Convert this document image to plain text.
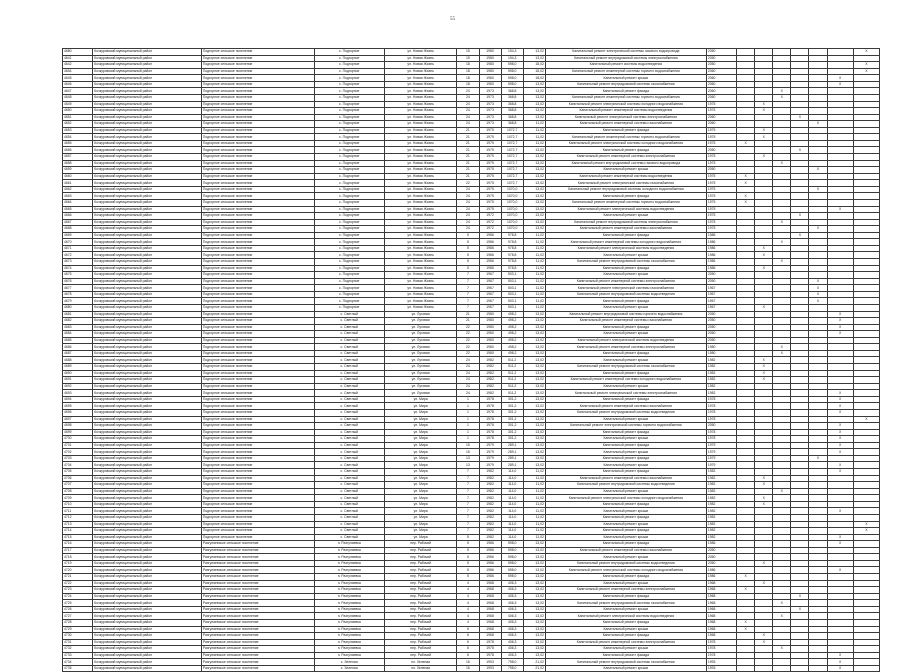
55
4680	Кочкуровский муниципальный район	Подгорное сельское поселение	с. Подгорное	ул. Новая Жизнь	15	1980	194,3	13,02	Капитальный ремонт электрической системы газового водопровода	2050							X
4641	Кочкуровский муниципальный район	Подгорное сельское поселение	с. Подгорное	ул. Новая Жизнь	15	1980	194,3	13,02	Капитальный ремонт внутридомовой системы электроснабжения	2050							
4642	Кочкуровский муниципальный район	Подгорное сельское поселение	с. Подгорное	ул. Новая Жизнь	18	1980	598,0	18,02	Капитальный ремонт системы водоотведения	2050							X
4654	Кочкуровский муниципальный район	Подгорное сельское поселение	с. Подгорное	ул. Новая Жизнь	18	1980	598,0	18,02	Капитальный ремонт инженерной системы горячего водоснабжения	2060							X
4645	Кочкуровский муниципальный район	Подгорное сельское поселение	с. Подгорное	ул. Новая Жизнь	18	1980	598,0	18,02	Капитальный ремонт крыши	2060						X	
4646	Кочкуровский муниципальный район	Подгорное сельское поселение	с. Подгорное	ул. Новая Жизнь	18	1980	598,0	13,02	Капитальный ремонт внутридомовой системы газоснабжения	2060						X	
4647	Кочкуровский муниципальный район	Подгорное сельское поселение	с. Подгорное	ул. Новая Жизнь	24	1973	368,8	13,02	Капитальный ремонт фасада	2060			X				
4648	Кочкуровский муниципальный район	Подгорное сельское поселение	с. Подгорное	ул. Новая Жизнь	24	1973	368,8	13,02	Капитальный ремонт инженерной системы горячего водоснабжения	2060			X				
4649	Кочкуровский муниципальный район	Подгорное сельское поселение	с. Подгорное	ул. Новая Жизнь	24	1973	368,8	13,02	Капитальный ремонт электрической системы холодного водоснабжения	1975		X					
4650	Кочкуровский муниципальный район	Подгорное сельское поселение	с. Подгорное	ул. Новая Жизнь	24	1973	368,8	13,02	Капитальный ремонт инженерной системы водоотведения	1975		X					
4651	Кочкуровский муниципальный район	Подгорное сельское поселение	с. Подгорное	ул. Новая Жизнь	24	1973	368,8	13,02	Капитальный ремонт электрической системы электроснабжения	2060				X			
4652	Кочкуровский муниципальный район	Подгорное сельское поселение	с. Подгорное	ул. Новая Жизнь	24	1973	368,8	11,02	Капитальный ремонт инженерной системы газоснабжения	2060					X		
4653	Кочкуровский муниципальный район	Подгорное сельское поселение	с. Подгорное	ул. Новая Жизнь	21	1975	1072,7	11,02	Капитальный ремонт фасада	1975		X					
4654	Кочкуровский муниципальный район	Подгорное сельское поселение	с. Подгорное	ул. Новая Жизнь	21	1975	1072,7	11,02	Капитальный ремонт инженерной системы горячего водоснабжения	1975		X					
4655	Кочкуровский муниципальный район	Подгорное сельское поселение	с. Подгорное	ул. Новая Жизнь	21	1975	1072,7	11,02	Капитальный ремонт электрической системы холодного водоснабжения	1975	X						
4656	Кочкуровский муниципальный район	Подгорное сельское поселение	с. Подгорное	ул. Новая Жизнь	21	1975	1072,7	13,02	Капитальный ремонт фасада	2050				X			
4657	Кочкуровский муниципальный район	Подгорное сельское поселение	с. Подгорное	ул. Новая Жизнь	21	1975	1072,7	13,02	Капитальный ремонт инженерной системы электроснабжения	1975		X					
4658	Кочкуровский муниципальный район	Подгорное сельское поселение	с. Подгорное	ул. Новая Жизнь	21	1975	1072,7	13,02	Капитальный ремонт внутридомовой системы газового водопровода	1975			X				
4659	Кочкуровский муниципальный район	Подгорное сельское поселение	с. Подгорное	ул. Новая Жизнь	21	1975	1072,7	13,02	Капитальный ремонт крыши	2050					X		
4660	Кочкуровский муниципальный район	Подгорное сельское поселение	с. Подгорное	ул. Новая Жизнь	21	1975	1072,7	13,02	Капитальный ремонт инженерной системы водоотведения	1975	X						
4661	Кочкуровский муниципальный район	Подгорное сельское поселение	с. Подгорное	ул. Новая Жизнь	22	1975	1072,7	13,02	Капитальный ремонт электрической системы газоснабжения	1975	X						
4662	Кочкуровский муниципальный район	Подгорное сельское поселение	с. Подгорное	ул. Новая Жизнь	24	1975	1070,0	13,02	Капитальный ремонт внутридомовой системы холодного водоснабжения	1975					X		
4663	Кочкуровский муниципальный район	Подгорное сельское поселение	с. Подгорное	ул. Новая Жизнь	24	1975	1070,0	13,02	Капитальный ремонт фасада	1975	X						
4664	Кочкуровский муниципальный район	Подгорное сельское поселение	с. Подгорное	ул. Новая Жизнь	24	1975	1070,0	13,02	Капитальный ремонт инженерной системы горячего водоснабжения	1975	X						
4665	Кочкуровский муниципальный район	Подгорное сельское поселение	с. Подгорное	ул. Новая Жизнь	24	1975	1070,0	13,02	Капитальный ремонт электрической системы водоотведения	1975						X	
4666	Кочкуровский муниципальный район	Подгорное сельское поселение	с. Подгорное	ул. Новая Жизнь	24	1972	1070,0	13,02	Капитальный ремонт крыши	1975				X			
4667	Кочкуровский муниципальный район	Подгорное сельское поселение	с. Подгорное	ул. Новая Жизнь	24	1972	1070,0	13,02	Капитальный ремонт внутридомовой системы электроснабжения	1975			X				
4668	Кочкуровский муниципальный район	Подгорное сельское поселение	с. Подгорное	ул. Новая Жизнь	24	1972	1070,0	13,02	Капитальный ремонт инженерной системы газоснабжения	1975					X		
4669	Кочкуровский муниципальный район	Подгорное сельское поселение	с. Подгорное	ул. Новая Жизнь	5	1986	978,8	11,02	Капитальный ремонт фасада	1986				X			
4670	Кочкуровский муниципальный район	Подгорное сельское поселение	с. Подгорное	ул. Новая Жизнь	5	1986	978,8	11,02	Капитальный ремонт инженерной системы холодного водоснабжения	1986			X				
4671	Кочкуровский муниципальный район	Подгорное сельское поселение	с. Подгорное	ул. Новая Жизнь	5	1986	978,8	11,02	Капитальный ремонт электрической системы водоотведения	1986		X					
4672	Кочкуровский муниципальный район	Подгорное сельское поселение	с. Подгорное	ул. Новая Жизнь	5	1986	978,8	11,02	Капитальный ремонт крыши	1986		X					
4673	Кочкуровский муниципальный район	Подгорное сельское поселение	с. Подгорное	ул. Новая Жизнь	5	1986	978,8	11,02	Капитальный ремонт внутридомовой системы газоснабжения	1986			X				
4674	Кочкуровский муниципальный район	Подгорное сельское поселение	с. Подгорное	ул. Новая Жизнь	5	1986	978,8	11,02	Капитальный ремонт фасада	1986		X					
4675	Кочкуровский муниципальный район	Подгорное сельское поселение	с. Подгорное	ул. Новая Жизнь	7	1967	503,1	11,02	Капитальный ремонт крыши	2050							
4676	Кочкуровский муниципальный район	Подгорное сельское поселение	с. Подгорное	ул. Новая Жизнь	7	1967	503,1	11,02	Капитальный ремонт инженерной системы электроснабжения	2050					X		
4677	Кочкуровский муниципальный район	Подгорное сельское поселение	с. Подгорное	ул. Новая Жизнь	7	1967	503,1	11,02	Капитальный ремонт электрической системы газоснабжения	1967					X		
4678	Кочкуровский муниципальный район	Подгорное сельское поселение	с. Подгорное	ул. Новая Жизнь	7	1967	503,1	11,02	Капитальный ремонт внутридомовой системы водоотведения	1967					X		
4679	Кочкуровский муниципальный район	Подгорное сельское поселение	с. Подгорное	ул. Новая Жизнь	7	1967	503,1	11,02	Капитальный ремонт фасада	1967					X		
4680	Кочкуровский муниципальный район	Подгорное сельское поселение	с. Подгорное	ул. Новая Жизнь	7	1967	503,1	11,02	Капитальный ремонт крыши	1967		X					
4681	Кочкуровский муниципальный район	Подгорное сельское поселение	с. Светлый	ул. Луговая	21	1980	498,2	13,02	Капитальный ремонт внутридомовой системы горячего водоснабжения	2050						X	
4682	Кочкуровский муниципальный район	Подгорное сельское поселение	с. Светлый	ул. Луговая	21	1980	498,2	13,02	Капитальный ремонт инженерной системы газоснабжения	2050						X	
4683	Кочкуровский муниципальный район	Подгорное сельское поселение	с. Светлый	ул. Луговая	22	1980	498,2	13,02	Капитальный ремонт фасада	2050						X	
4684	Кочкуровский муниципальный район	Подгорное сельское поселение	с. Светлый	ул. Луговая	22	1980	498,2	13,02	Капитальный ремонт крыши	2050						X	
4685	Кочкуровский муниципальный район	Подгорное сельское поселение	с. Светлый	ул. Луговая	22	1980	498,2	13,02	Капитальный ремонт электрической системы водоотведения	2050							
4686	Кочкуровский муниципальный район	Подгорное сельское поселение	с. Светлый	ул. Луговая	22	1980	498,2	13,02	Капитальный ремонт инженерной системы электроснабжения	1980			X				
4687	Кочкуровский муниципальный район	Подгорное сельское поселение	с. Светлый	ул. Луговая	22	1980	498,2	13,02	Капитальный ремонт фасада	1980			X				
4688	Кочкуровский муниципальный район	Подгорное сельское поселение	с. Светлый	ул. Луговая	24	1982	511,2	13,02	Капитальный ремонт крыши	1982		X					
4689	Кочкуровский муниципальный район	Подгорное сельское поселение	с. Светлый	ул. Луговая	24	1982	511,2	13,02	Капитальный ремонт внутридомовой системы газоснабжения	1982		X					
4690	Кочкуровский муниципальный район	Подгорное сельское поселение	с. Светлый	ул. Луговая	24	1982	511,2	13,02	Капитальный ремонт фасада	1982		X					
4691	Кочкуровский муниципальный район	Подгорное сельское поселение	с. Светлый	ул. Луговая	24	1982	511,2	13,02	Капитальный ремонт инженерной системы холодного водоснабжения	1982		X					
4692	Кочкуровский муниципальный район	Подгорное сельское поселение	с. Светлый	ул. Луговая	24	1982	511,2	13,02	Капитальный ремонт крыши	1982							
4693	Кочкуровский муниципальный район	Подгорное сельское поселение	с. Светлый	ул. Луговая	24	1982	511,2	13,02	Капитальный ремонт электрической системы электроснабжения	1982						X	
4694	Кочкуровский муниципальный район	Подгорное сельское поселение	с. Светлый	ул. Мира	1	1978	301,2	13,02	Капитальный ремонт фасада	1978						X	
4695	Кочкуровский муниципальный район	Подгорное сельское поселение	с. Светлый	ул. Мира	1	1978	301,2	13,02	Капитальный ремонт инженерной системы газоснабжения	1978						X	
4696	Кочкуровский муниципальный район	Подгорное сельское поселение	с. Светлый	ул. Мира	1	1978	301,2	13,02	Капитальный ремонт внутридомовой системы водоотведения	1978						X	
4697	Кочкуровский муниципальный район	Подгорное сельское поселение	с. Светлый	ул. Мира	1	1978	301,2	13,02	Капитальный ремонт крыши	1978							X
4698	Кочкуровский муниципальный район	Подгорное сельское поселение	с. Светлый	ул. Мира	1	1978	301,2	13,02	Капитальный ремонт электрической системы горячего водоснабжения	2050						X	
4699	Кочкуровский муниципальный район	Подгорное сельское поселение	с. Светлый	ул. Мира	1	1978	301,2	13,02	Капитальный ремонт фасада	1978						X	
4700	Кочкуровский муниципальный район	Подгорное сельское поселение	с. Светлый	ул. Мира	1	1978	301,2	13,02	Капитальный ремонт крыши	1978						X	
4701	Кочкуровский муниципальный район	Подгорное сельское поселение	с. Светлый	ул. Мира	15	1979	289,1	13,02	Капитальный ремонт фасада	1979						X	
4702	Кочкуровский муниципальный район	Подгорное сельское поселение	с. Светлый	ул. Мира	15	1979	289,1	13,02	Капитальный ремонт крыши	1979						X	
4703	Кочкуровский муниципальный район	Подгорное сельское поселение	с. Светлый	ул. Мира	13	1979	289,1	13,02	Капитальный ремонт фасада	1979					X		
4704	Кочкуровский муниципальный район	Подгорное сельское поселение	с. Светлый	ул. Мира	13	1979	289,1	13,02	Капитальный ремонт крыши	1979						X	
4705	Кочкуровский муниципальный район	Подгорное сельское поселение	с. Светлый	ул. Мира	7	1982	114,0	11,02	Капитальный ремонт фасада	1982						X	
4706	Кочкуровский муниципальный район	Подгорное сельское поселение	с. Светлый	ул. Мира	7	1982	114,0	11,02	Капитальный ремонт инженерной системы газоснабжения	1982		X					
4707	Кочкуровский муниципальный район	Подгорное сельское поселение	с. Светлый	ул. Мира	7	1982	114,0	11,02	Капитальный ремонт внутридомовой системы водоотведения	1982		X					
4708	Кочкуровский муниципальный район	Подгорное сельское поселение	с. Светлый	ул. Мира	7	1982	114,0	11,02	Капитальный ремонт крыши	1982			X				
4709	Кочкуровский муниципальный район	Подгорное сельское поселение	с. Светлый	ул. Мира	7	1982	114,0	11,02	Капитальный ремонт электрической системы холодного водоснабжения	1982		X					
4710	Кочкуровский муниципальный район	Подгорное сельское поселение	с. Светлый	ул. Мира	7	1982	114,0	11,02	Капитальный ремонт фасада	1982		X					
4711	Кочкуровский муниципальный район	Подгорное сельское поселение	с. Светлый	ул. Мира	7	1982	114,0	11,02	Капитальный ремонт крыши	1982						X	
4712	Кочкуровский муниципальный район	Подгорное сельское поселение	с. Светлый	ул. Мира	7	1982	114,0	11,02	Капитальный ремонт фасада	1982							
4713	Кочкуровский муниципальный район	Подгорное сельское поселение	с. Светлый	ул. Мира	7	1982	114,0	11,02	Капитальный ремонт крыши	1982							X
4714	Кочкуровский муниципальный район	Подгорное сельское поселение	с. Светлый	ул. Мира	7	1982	114,0	11,02	Капитальный ремонт фасада	1982							X
4715	Кочкуровский муниципальный район	Подгорное сельское поселение	с. Светлый	ул. Мира	5	1982	114,0	11,02	Капитальный ремонт крыши	1982						X	
4716	Кочкуровский муниципальный район	Разгуляевское сельское поселение	п. Разгуляевка	пер. Рабочий	5	1986	598,0	13,02	Капитальный ремонт фасада	1986						X	
4717	Кочкуровский муниципальный район	Разгуляевское сельское поселение	п. Разгуляевка	пер. Рабочий	5	1986	598,0	13,02	Капитальный ремонт инженерной системы газоснабжения	2050							
4718	Кочкуровский муниципальный район	Разгуляевское сельское поселение	п. Разгуляевка	пер. Рабочий	5	1986	598,0	13,02	Капитальный ремонт крыши	2050							
4719	Кочкуровский муниципальный район	Разгуляевское сельское поселение	п. Разгуляевка	пер. Рабочий	5	1986	598,0	13,02	Капитальный ремонт внутридомовой системы водоотведения	2050		X					
4720	Кочкуровский муниципальный район	Разгуляевское сельское поселение	п. Разгуляевка	пер. Рабочий	5	1986	598,0	13,02	Капитальный ремонт электрической системы холодного водоснабжения	1986						X	
4721	Кочкуровский муниципальный район	Разгуляевское сельское поселение	п. Разгуляевка	пер. Рабочий	5	1986	598,0	13,02	Капитальный ремонт фасада	1986	X						
4722	Кочкуровский муниципальный район	Разгуляевское сельское поселение	п. Разгуляевка	пер. Рабочий	4	1968	406,3	13,02	Капитальный ремонт крыши	1968		X					
4723	Кочкуровский муниципальный район	Разгуляевское сельское поселение	п. Разгуляевка	пер. Рабочий	4	1968	406,3	13,02	Капитальный ремонт инженерной системы электроснабжения	1968	X						
4724	Кочкуровский муниципальный район	Разгуляевское сельское поселение	п. Разгуляевка	пер. Рабочий	4	1968	406,3	13,02	Капитальный ремонт фасада	1968				X			
4725	Кочкуровский муниципальный район	Разгуляевское сельское поселение	п. Разгуляевка	пер. Рабочий	4	1968	406,3	13,02	Капитальный ремонт внутридомовой системы газоснабжения	1968			X				
4726	Кочкуровский муниципальный район	Разгуляевское сельское поселение	п. Разгуляевка	пер. Рабочий	4	1968	406,3	13,02	Капитальный ремонт крыши	1968				X			
4727	Кочкуровский муниципальный район	Разгуляевское сельское поселение	п. Разгуляевка	пер. Рабочий	4	1968	406,3	13,02	Капитальный ремонт электрической системы водоотведения	1968			X				
4728	Кочкуровский муниципальный район	Разгуляевское сельское поселение	п. Разгуляевка	пер. Рабочий	4	1968	406,3	13,02	Капитальный ремонт фасада	1968	X						
4729	Кочкуровский муниципальный район	Разгуляевское сельское поселение	п. Разгуляевка	пер. Рабочий	6	1968	406,3	13,02	Капитальный ремонт крыши	1968	X						
4730	Кочкуровский муниципальный район	Разгуляевское сельское поселение	п. Разгуляевка	пер. Рабочий	6	1968	406,3	13,02	Капитальный ремонт фасада	1968		X					
4731	Кочкуровский муниципальный район	Разгуляевское сельское поселение	п. Разгуляевка	пер. Рабочий	6	1978	406,3	13,02	Капитальный ремонт инженерной системы электроснабжения	1978		X					
4732	Кочкуровский муниципальный район	Разгуляевское сельское поселение	п. Разгуляевка	пер. Рабочий	6	1978	406,3	13,02	Капитальный ремонт крыши	1978			X				
4733	Кочкуровский муниципальный район	Разгуляевское сельское поселение	п. Разгуляевка	пер. Рабочий	6	1978	406,3	13,02	Капитальный ремонт фасада	1978						X	
4734	Кочкуровский муниципальный район	Разгуляевское сельское поселение	с. Зеленая	пл. Зеленая	16	1993	798,0	21,02	Капитальный ремонт внутридомовой системы газоснабжения	1993						X	
4735	Кочкуровский муниципальный район	Разгуляевское сельское поселение	с. Зеленая	пл. Зеленая	16	1993	798,0	21,02	Капитальный ремонт крыши	1993						X	
